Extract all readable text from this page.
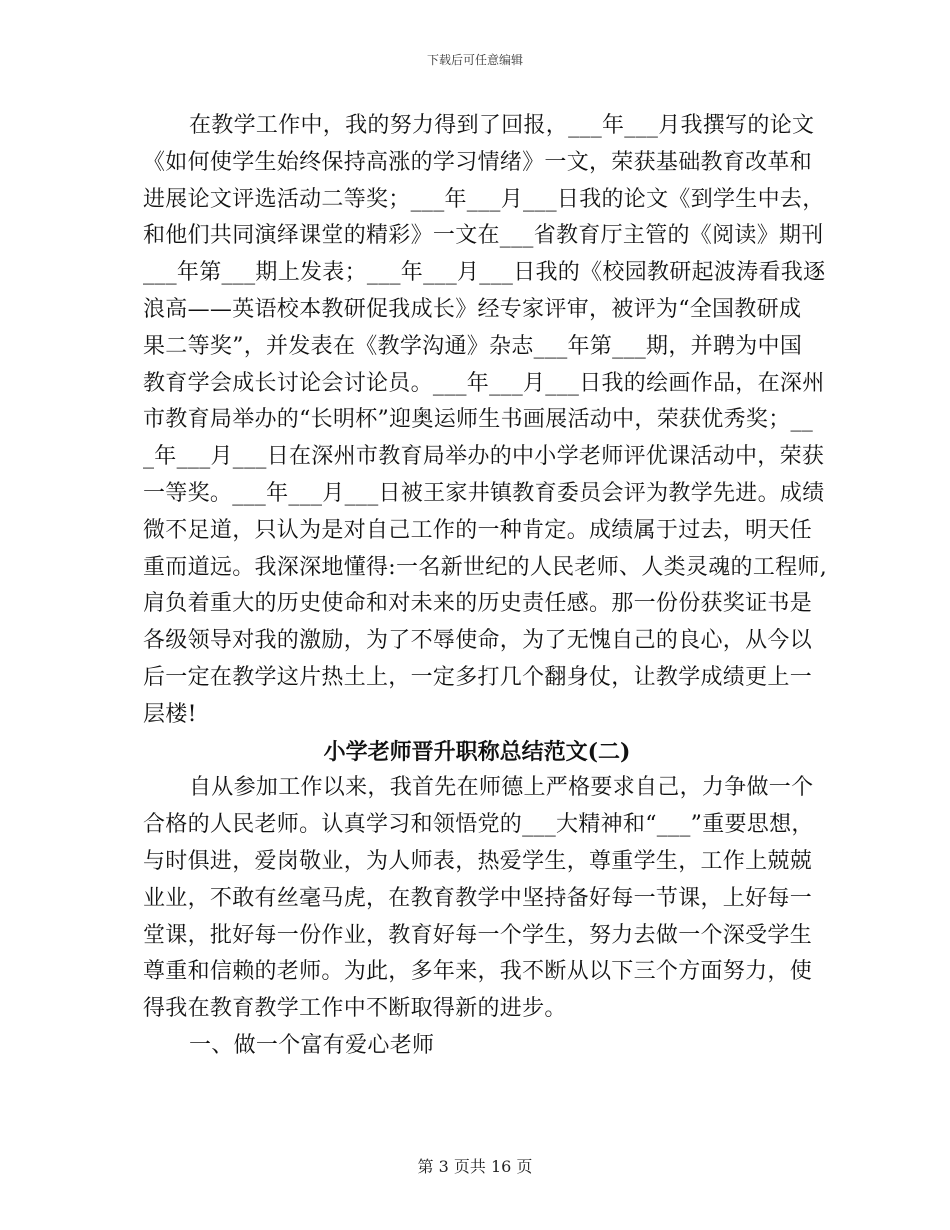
下载后可任意编辑
在教学工作中，我的努力得到了回报，___年___月我撰写的论文
《如何使学生始终保持高涨的学习情绪》一文，荣获基础教育改革和
进展论文评选活动二等奖；___年___月___日我的论文《到学生中去，
和他们共同演绎课堂的精彩》一文在___省教育厅主管的《阅读》期刊
___年第___期上发表；___年___月___日我的《校园教研起波涛看我逐
浪高——英语校本教研促我成长》经专家评审，被评为“全国教研成
果二等奖”，并发表在《教学沟通》杂志___年第___期，并聘为中国
教育学会成长讨论会讨论员。___年___月___日我的绘画作品，在深州
市教育局举办的“长明杯”迎奥运师生书画展活动中，荣获优秀奖；__
_年___月___日在深州市教育局举办的中小学老师评优课活动中，荣获
一等奖。___年___月___日被王家井镇教育委员会评为教学先进。成绩
微不足道，只认为是对自己工作的一种肯定。成绩属于过去，明天任
重而道远。我深深地懂得:一名新世纪的人民老师、人类灵魂的工程师,
肩负着重大的历史使命和对未来的历史责任感。那一份份获奖证书是
各级领导对我的激励，为了不辱使命，为了无愧自己的良心，从今以
后一定在教学这片热土上，一定多打几个翻身仗，让教学成绩更上一
层楼!
小学老师晋升职称总结范文(二)
自从参加工作以来，我首先在师德上严格要求自己，力争做一个
合格的人民老师。认真学习和领悟党的___大精神和“___”重要思想，
与时俱进，爱岗敬业，为人师表，热爱学生，尊重学生，工作上兢兢
业业，不敢有丝毫马虎，在教育教学中坚持备好每一节课，上好每一
堂课，批好每一份作业，教育好每一个学生，努力去做一个深受学生
尊重和信赖的老师。为此，多年来，我不断从以下三个方面努力，使
得我在教育教学工作中不断取得新的进步。
一、做一个富有爱心老师
第 3 页共 16 页
